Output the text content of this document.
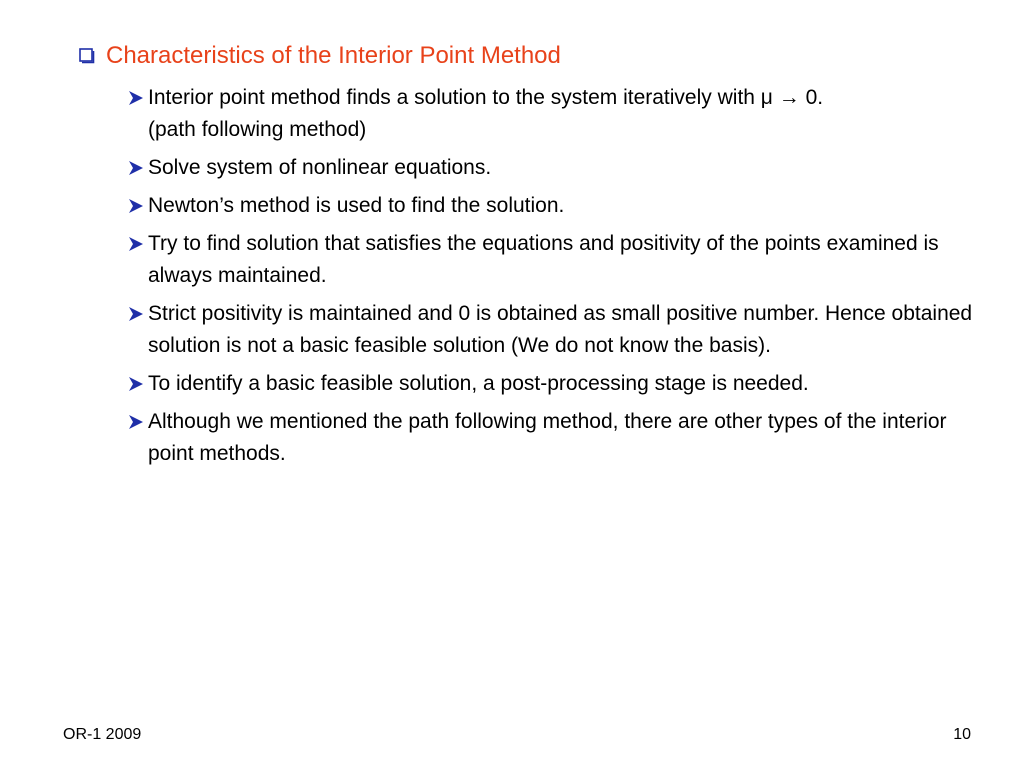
Characteristics of the Interior Point Method
Interior point method finds a solution to the system iteratively with μ → 0.
(path following method)
Solve system of nonlinear equations.
Newton’s method is used to find the solution.
Try to find solution that satisfies the equations and positivity of the points examined is always maintained.
Strict positivity is maintained and 0 is obtained as small positive number. Hence obtained solution is not a basic feasible solution (We do not know the basis).
To identify a basic feasible solution, a post-processing stage is needed.
Although we mentioned the path following method, there are other types of the interior point methods.
OR-1 2009	10
